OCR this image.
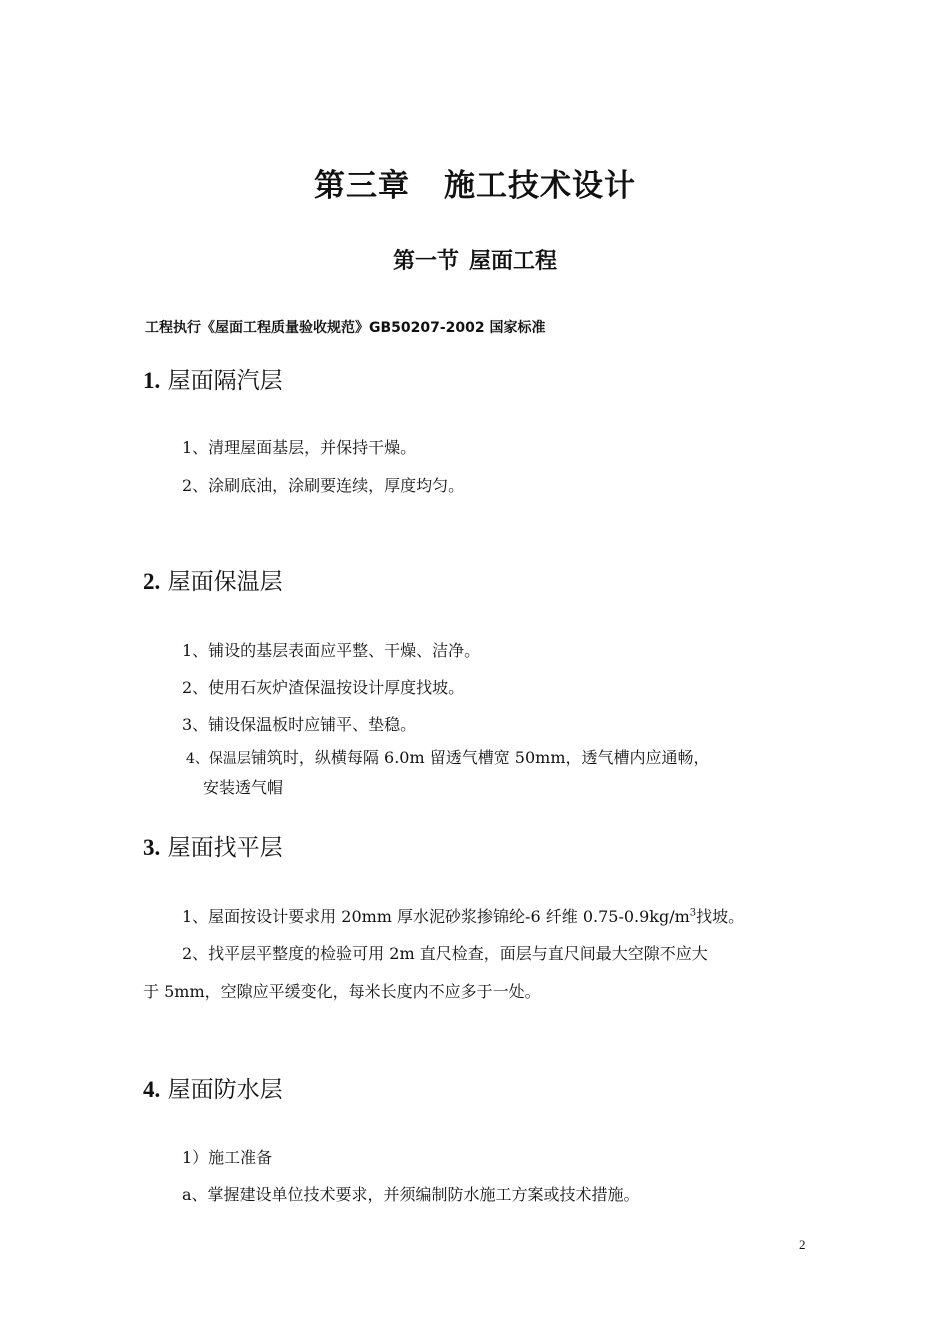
第三章 施工技术设计
第一节 屋面工程
工程执行《屋面工程质量验收规范》GB50207-2002 国家标准
1. 屋面隔汽层
1、清理屋面基层，并保持干燥。
2、涂刷底油，涂刷要连续，厚度均匀。
2. 屋面保温层
1、铺设的基层表面应平整、干燥、洁净。
2、使用石灰炉渣保温按设计厚度找坡。
3、铺设保温板时应铺平、垫稳。
4、保温层铺筑时，纵横每隔 6.0m 留透气槽宽 50mm，透气槽内应通畅，
安装透气帽
3. 屋面找平层
1、屋面按设计要求用 20mm 厚水泥砂浆掺锦纶-6 纤维 $0.75-0.9kg/m^3$找坡。
2、找平层平整度的检验可用 2m 直尺检查，面层与直尺间最大空隙不应大
于 5mm，空隙应平缓变化，每米长度内不应多于一处。
4. 屋面防水层
1）施工准备
a、掌握建设单位技术要求，并须编制防水施工方案或技术措施。
2
